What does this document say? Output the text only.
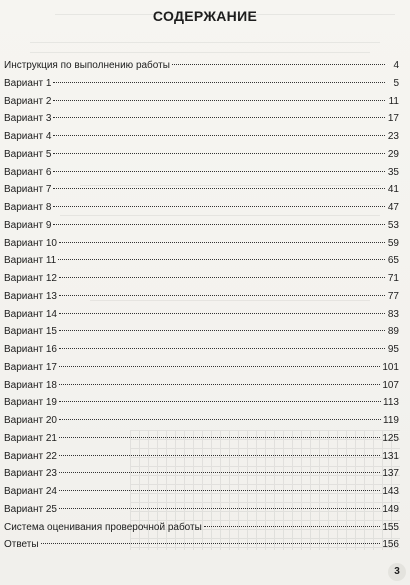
СОДЕРЖАНИЕ
Инструкция по выполнению работы	4
Вариант 1	5
Вариант 2	11
Вариант 3	17
Вариант 4	23
Вариант 5	29
Вариант 6	35
Вариант 7	41
Вариант 8	47
Вариант 9	53
Вариант 10	59
Вариант 11	65
Вариант 12	71
Вариант 13	77
Вариант 14	83
Вариант 15	89
Вариант 16	95
Вариант 17	101
Вариант 18	107
Вариант 19	113
Вариант 20	119
Вариант 21	125
Вариант 22	131
Вариант 23	137
Вариант 24	143
Вариант 25	149
Система оценивания проверочной работы	155
Ответы	156
3
